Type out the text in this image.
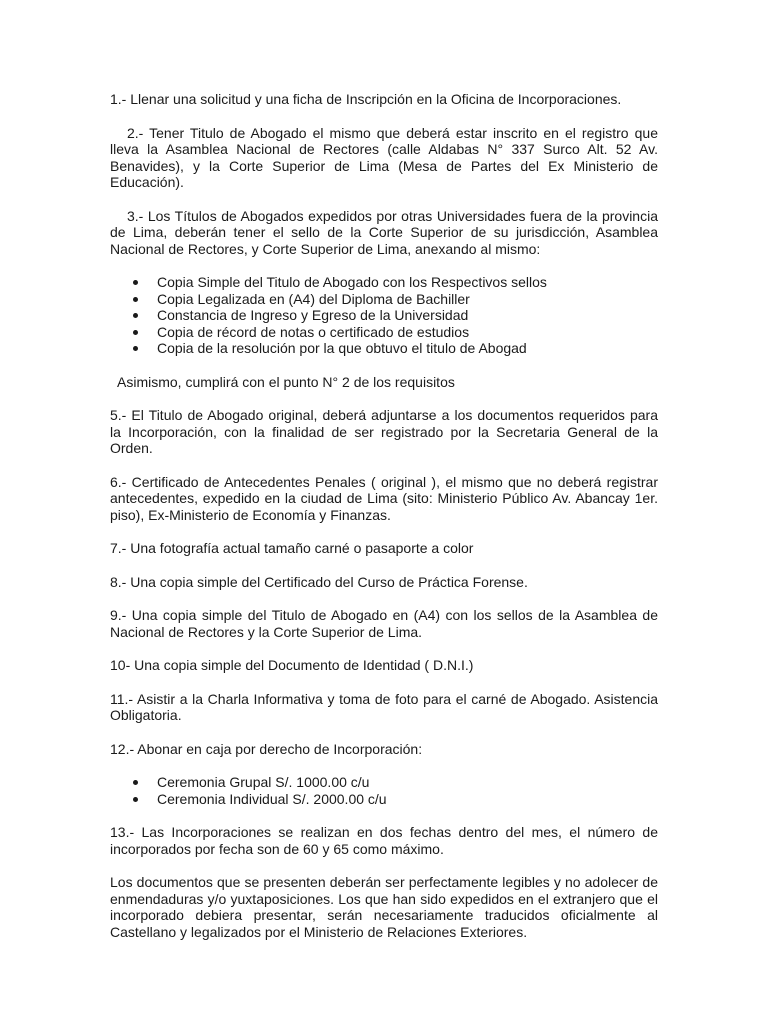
1.- Llenar una solicitud y una ficha de Inscripción en la Oficina de Incorporaciones.

2.- Tener Titulo de Abogado el mismo que deberá estar inscrito en el registro que lleva la Asamblea Nacional de Rectores (calle Aldabas N° 337 Surco Alt. 52 Av. Benavides), y la Corte Superior de Lima (Mesa de Partes del Ex Ministerio de Educación).

3.- Los Títulos de Abogados expedidos por otras Universidades fuera de la provincia de Lima, deberán tener el sello de la Corte Superior de su jurisdicción, Asamblea Nacional de Rectores, y Corte Superior de Lima, anexando al mismo:

Copia Simple del Titulo de Abogado con los Respectivos sellos
Copia Legalizada en (A4) del Diploma de Bachiller
Constancia de Ingreso y Egreso de la Universidad
Copia de récord de notas o certificado de estudios
Copia de la resolución por la que obtuvo el titulo de Abogad

Asimismo, cumplirá con el punto N° 2 de los requisitos

5.- El Titulo de Abogado original, deberá adjuntarse a los documentos requeridos para la Incorporación, con la finalidad de ser registrado por la Secretaria General de la Orden.

6.- Certificado de Antecedentes Penales ( original ), el mismo que no deberá registrar antecedentes, expedido en la ciudad de Lima (sito: Ministerio Público Av. Abancay 1er. piso), Ex-Ministerio de Economía y Finanzas.

7.- Una fotografía actual tamaño carné o pasaporte a color

8.- Una copia simple del Certificado del Curso de Práctica Forense.

9.- Una copia simple del Titulo de Abogado en (A4) con los sellos de la Asamblea de Nacional de Rectores y la Corte Superior de Lima.

10- Una copia simple del Documento de Identidad ( D.N.I.)

11.- Asistir a la Charla Informativa y toma de foto para el carné de Abogado. Asistencia Obligatoria.

12.- Abonar en caja por derecho de Incorporación:

Ceremonia Grupal S/. 1000.00 c/u
Ceremonia Individual S/. 2000.00 c/u

13.- Las Incorporaciones se realizan en dos fechas dentro del mes, el número de incorporados por fecha son de 60 y 65 como máximo.

Los documentos que se presenten deberán ser perfectamente legibles y no adolecer de enmendaduras y/o yuxtaposiciones. Los que han sido expedidos en el extranjero que el incorporado debiera presentar, serán necesariamente traducidos oficialmente al Castellano y legalizados por el Ministerio de Relaciones Exteriores.
